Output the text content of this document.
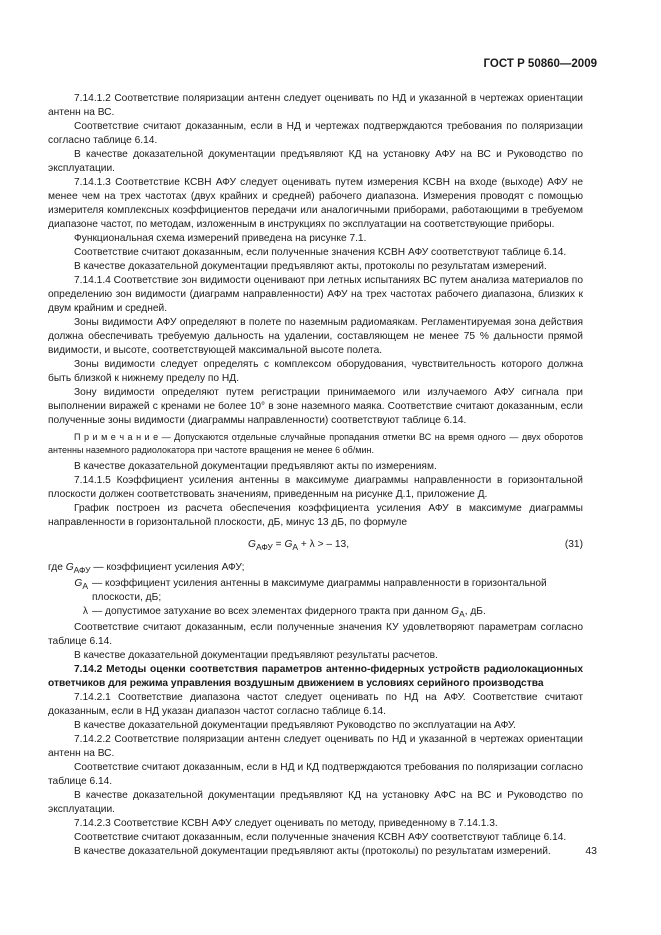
ГОСТ Р 50860—2009

7.14.1.2 Соответствие поляризации антенн следует оценивать по НД и указанной в чертежах ориентации антенн на ВС.

Соответствие считают доказанным, если в НД и чертежах подтверждаются требования по поляризации согласно таблице 6.14.

В качестве доказательной документации предъявляют КД на установку АФУ на ВС и Руководство по эксплуатации.

7.14.1.3 Соответствие КСВН АФУ следует оценивать путем измерения КСВН на входе (выходе) АФУ не менее чем на трех частотах (двух крайних и средней) рабочего диапазона. Измерения проводят с помощью измерителя комплексных коэффициентов передачи или аналогичными приборами, работающими в требуемом диапазоне частот, по методам, изложенным в инструкциях по эксплуатации на соответствующие приборы.

Функциональная схема измерений приведена на рисунке 7.1.

Соответствие считают доказанным, если полученные значения КСВН АФУ соответствуют таблице 6.14.

В качестве доказательной документации предъявляют акты, протоколы по результатам измерений.

7.14.1.4 Соответствие зон видимости оценивают при летных испытаниях ВС путем анализа материалов по определению зон видимости (диаграмм направленности) АФУ на трех частотах рабочего диапазона, близких к двум крайним и средней.

Зоны видимости АФУ определяют в полете по наземным радиомаякам. Регламентируемая зона действия должна обеспечивать требуемую дальность на удалении, составляющем не менее 75 % дальности прямой видимости, и высоте, соответствующей максимальной высоте полета.

Зоны видимости следует определять с комплексом оборудования, чувствительность которого должна быть близкой к нижнему пределу по НД.

Зону видимости определяют путем регистрации принимаемого или излучаемого АФУ сигнала при выполнении виражей с кренами не более 10° в зоне наземного маяка. Соответствие считают доказанным, если полученные зоны видимости (диаграммы направленности) соответствуют таблице 6.14.

П р и м е ч а н и е — Допускаются отдельные случайные пропадания отметки ВС на время одного — двух оборотов антенны наземного радиолокатора при частоте вращения не менее 6 об/мин.

В качестве доказательной документации предъявляют акты по измерениям.

7.14.1.5 Коэффициент усиления антенны в максимуме диаграммы направленности в горизонтальной плоскости должен соответствовать значениям, приведенным на рисунке Д.1, приложение Д.

График построен из расчета обеспечения коэффициента усиления АФУ в максимуме диаграммы направленности в горизонтальной плоскости, дБ, минус 13 дБ, по формуле

$G_{АФУ} = G_А + \lambda$ > – 13,	(31)

где $G_{АФУ}$ — коэффициент усиления АФУ;

$G_А$ — коэффициент усиления антенны в максимуме диаграммы направленности в горизонтальной плоскости, дБ;
λ — допустимое затухание во всех элементах фидерного тракта при данном $G_А$, дБ.

Соответствие считают доказанным, если полученные значения КУ удовлетворяют параметрам согласно таблице 6.14.

В качестве доказательной документации предъявляют результаты расчетов.

7.14.2 Методы оценки соответствия параметров антенно-фидерных устройств радиолокационных ответчиков для режима управления воздушным движением в условиях серийного производства

7.14.2.1 Соответствие диапазона частот следует оценивать по НД на АФУ. Соответствие считают доказанным, если в НД указан диапазон частот согласно таблице 6.14.

В качестве доказательной документации предъявляют Руководство по эксплуатации на АФУ.

7.14.2.2 Соответствие поляризации антенн следует оценивать по НД и указанной в чертежах ориентации антенн на ВС.

Соответствие считают доказанным, если в НД и КД подтверждаются требования по поляризации согласно таблице 6.14.

В качестве доказательной документации предъявляют КД на установку АФС на ВС и Руководство по эксплуатации.

7.14.2.3 Соответствие КСВН АФУ следует оценивать по методу, приведенному в 7.14.1.3.

Соответствие считают доказанным, если полученные значения КСВН АФУ соответствуют таблице 6.14.

В качестве доказательной документации предъявляют акты (протоколы) по результатам измерений.	43
